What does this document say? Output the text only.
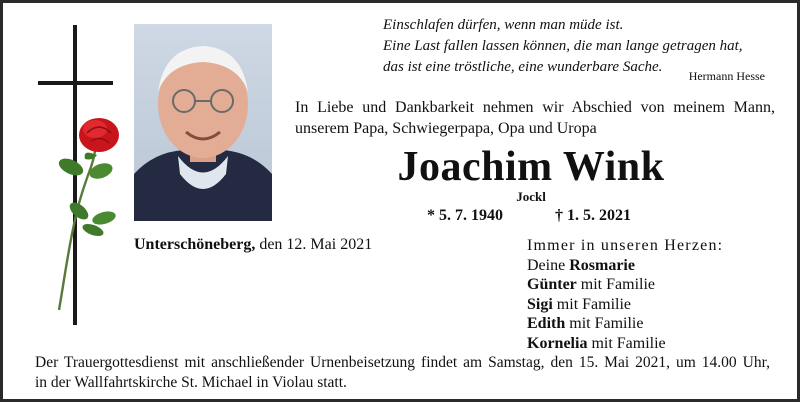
Einschlafen dürfen, wenn man müde ist.
Eine Last fallen lassen können, die man lange getragen hat,
das ist eine tröstliche, eine wunderbare Sache.
Hermann Hesse
In Liebe und Dankbarkeit nehmen wir Abschied von meinem Mann,
unserem Papa, Schwiegerpapa, Opa und Uropa
Joachim Wink
Jockl
* 5. 7. 1940	† 1. 5. 2021
Unterschöneberg, den 12. Mai 2021	Immer in unseren Herzen:
Deine Rosmarie
Günter mit Familie
Sigi mit Familie
Edith mit Familie
Kornelia mit Familie
Der Trauergottesdienst mit anschließender Urnenbeisetzung findet am Samstag, den 15. Mai 2021, um 14.00 Uhr,
in der Wallfahrtskirche St. Michael in Violau statt.
